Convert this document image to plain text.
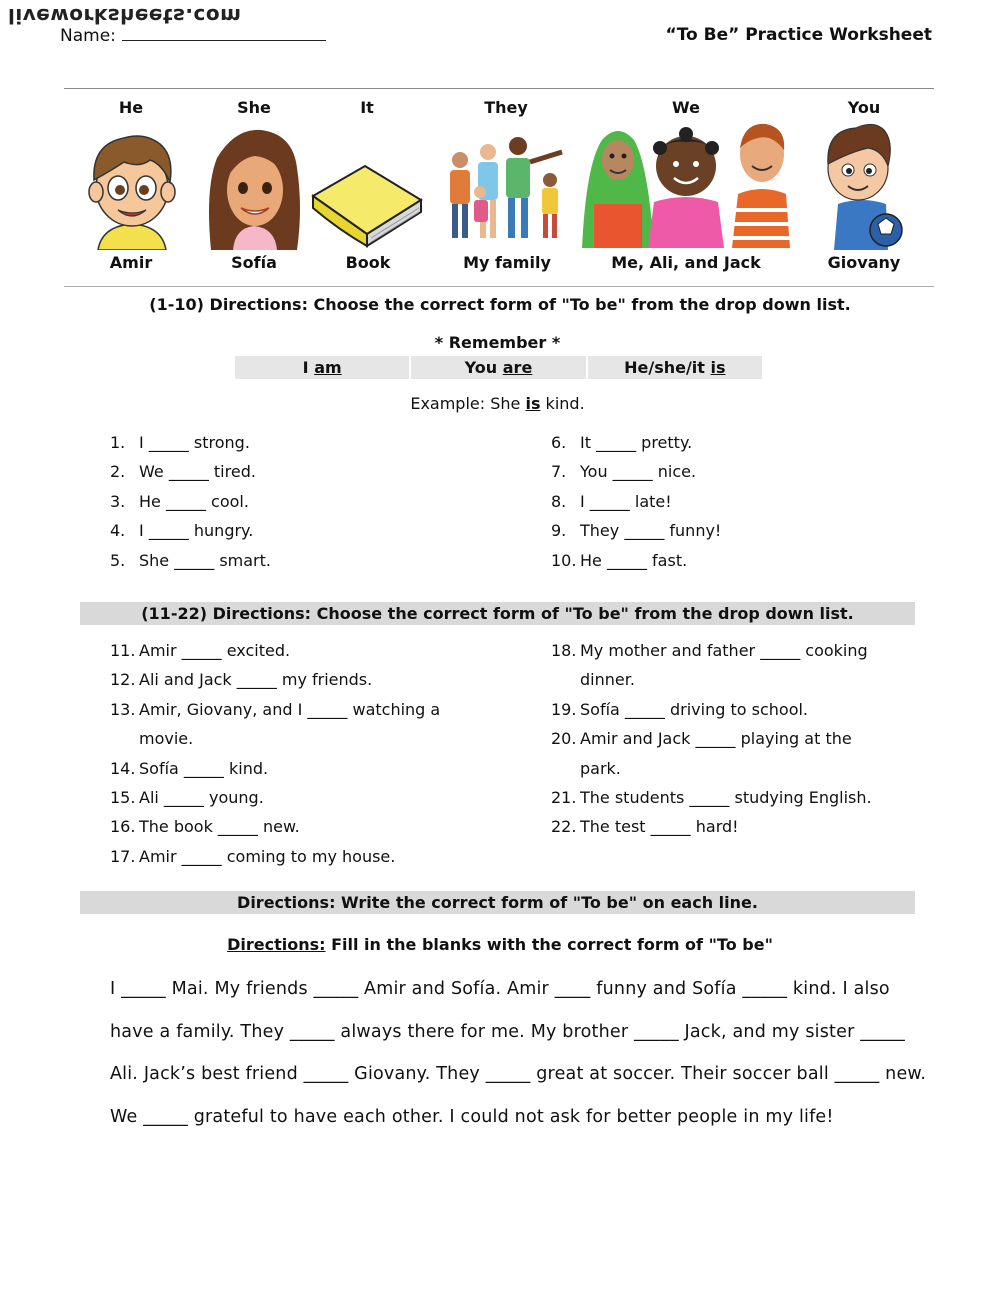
liveworksheets.com
Name:	“To Be” Practice Worksheet
He	She	It	They	We	You
Amir	Sofía	Book	My family	Me, Ali, and Jack	Giovany
(1-10) Directions: Choose the correct form of "To be" from the drop down list.
* Remember *
I am	You are	He/she/it is
Example: She is kind.
1. I _____ strong.
2. We _____ tired.
3. He _____ cool.
4. I _____ hungry.
5. She _____ smart.
6. It _____ pretty.
7. You _____ nice.
8. I _____ late!
9. They _____ funny!
10. He _____ fast.
(11-22) Directions: Choose the correct form of "To be" from the drop down list.
11. Amir _____ excited.
12. Ali and Jack _____ my friends.
13. Amir, Giovany, and I _____ watching a
movie.
14. Sofía _____ kind.
15. Ali _____ young.
16. The book _____ new.
17. Amir _____ coming to my house.
18. My mother and father _____ cooking
dinner.
19. Sofía _____ driving to school.
20. Amir and Jack _____ playing at the
park.
21. The students _____ studying English.
22. The test _____ hard!
Directions: Write the correct form of "To be" on each line.
Directions: Fill in the blanks with the correct form of "To be"
I _____ Mai. My friends _____ Amir and Sofía. Amir ____ funny and Sofía _____ kind. I also have a family. They _____ always there for me. My brother _____ Jack, and my sister _____ Ali. Jack’s best friend _____ Giovany. They _____ great at soccer. Their soccer ball _____ new. We _____ grateful to have each other. I could not ask for better people in my life!
